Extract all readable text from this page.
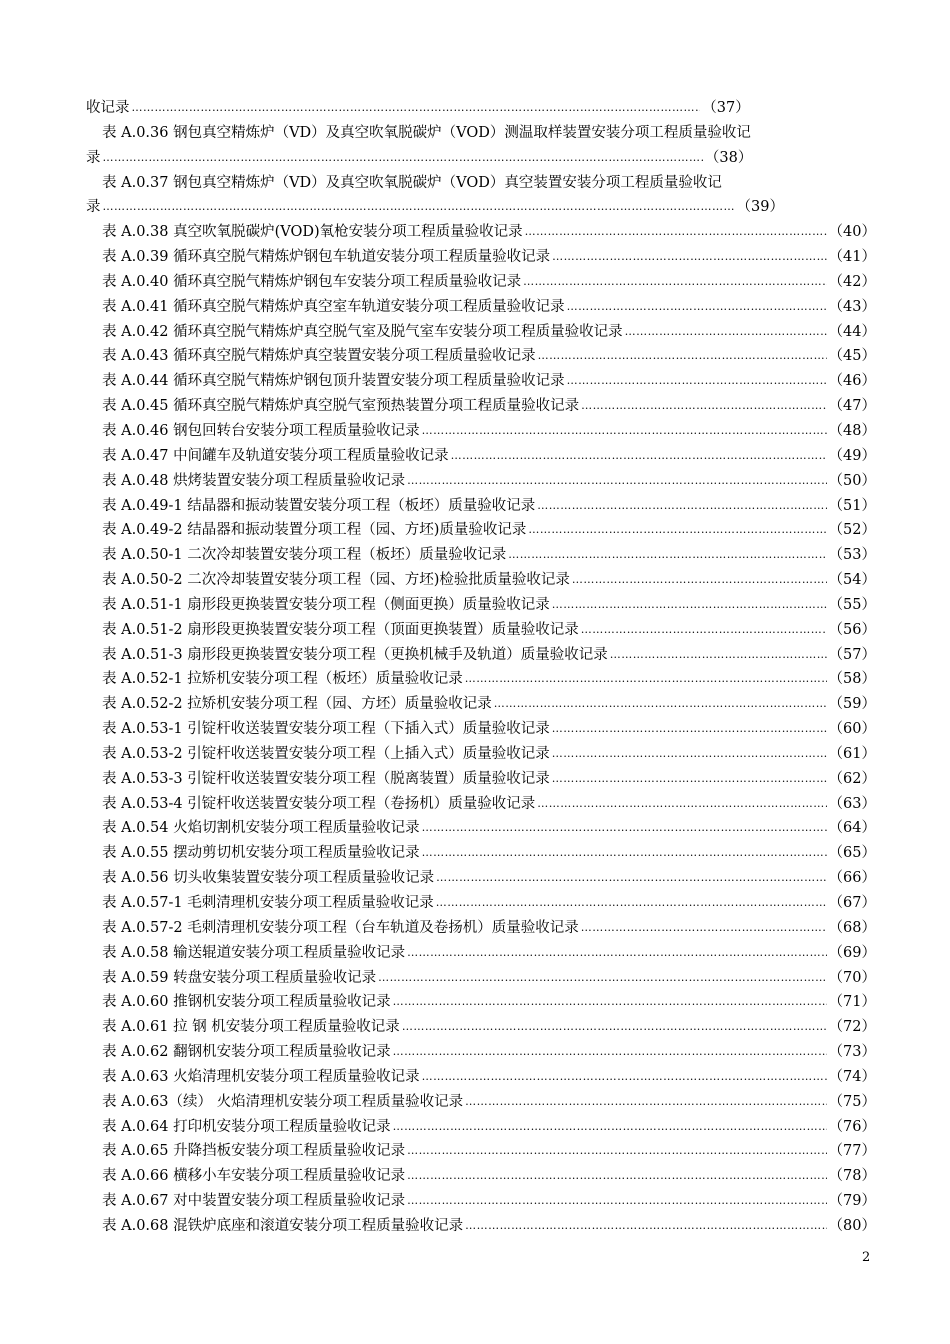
收记录 ……………………………………………………………………………………………………………………………………………………………………………………………………………………………………	（37）
表 A.0.36 钢包真空精炼炉（VD）及真空吹氧脱碳炉（VOD）测温取样装置安装分项工程质量验收记
录 ……………………………………………………………………………………………………………………………………………………………………………………………………………………………………	（38）
表 A.0.37 钢包真空精炼炉（VD）及真空吹氧脱碳炉（VOD）真空装置安装分项工程质量验收记
录 ……………………………………………………………………………………………………………………………………………………………………………………………………………………………………	（39）
表 A.0.38 真空吹氧脱碳炉(VOD)氧枪安装分项工程质量验收记录 ……………………………………………………………………………………………………………………………………………………………………………………………………………………………………	（40）
表 A.0.39 循环真空脱气精炼炉钢包车轨道安装分项工程质量验收记录 ……………………………………………………………………………………………………………………………………………………………………………………………………………………………………	（41）
表 A.0.40 循环真空脱气精炼炉钢包车安装分项工程质量验收记录 ……………………………………………………………………………………………………………………………………………………………………………………………………………………………………	（42）
表 A.0.41 循环真空脱气精炼炉真空室车轨道安装分项工程质量验收记录 ……………………………………………………………………………………………………………………………………………………………………………………………………………………………………	（43）
表 A.0.42 循环真空脱气精炼炉真空脱气室及脱气室车安装分项工程质量验收记录 ……………………………………………………………………………………………………………………………………………………………………………………………………………………………………	（44）
表 A.0.43 循环真空脱气精炼炉真空装置安装分项工程质量验收记录 ……………………………………………………………………………………………………………………………………………………………………………………………………………………………………	（45）
表 A.0.44 循环真空脱气精炼炉钢包顶升装置安装分项工程质量验收记录 ……………………………………………………………………………………………………………………………………………………………………………………………………………………………………	（46）
表 A.0.45 循环真空脱气精炼炉真空脱气室预热装置分项工程质量验收记录 ……………………………………………………………………………………………………………………………………………………………………………………………………………………………………	（47）
表 A.0.46 钢包回转台安装分项工程质量验收记录 ……………………………………………………………………………………………………………………………………………………………………………………………………………………………………	（48）
表 A.0.47 中间罐车及轨道安装分项工程质量验收记录 ……………………………………………………………………………………………………………………………………………………………………………………………………………………………………	（49）
表 A.0.48 烘烤装置安装分项工程质量验收记录 ……………………………………………………………………………………………………………………………………………………………………………………………………………………………………	（50）
表 A.0.49-1 结晶器和振动装置安装分项工程（板坯）质量验收记录 ……………………………………………………………………………………………………………………………………………………………………………………………………………………………………	（51）
表 A.0.49-2 结晶器和振动装置分项工程（园、方坯)质量验收记录 ……………………………………………………………………………………………………………………………………………………………………………………………………………………………………	（52）
表 A.0.50-1 二次冷却装置安装分项工程（板坯）质量验收记录 ……………………………………………………………………………………………………………………………………………………………………………………………………………………………………	（53）
表 A.0.50-2 二次冷却装置安装分项工程（园、方坯)检验批质量验收记录 ……………………………………………………………………………………………………………………………………………………………………………………………………………………………………	（54）
表 A.0.51-1 扇形段更换装置安装分项工程（侧面更换）质量验收记录 ……………………………………………………………………………………………………………………………………………………………………………………………………………………………………	（55）
表 A.0.51-2 扇形段更换装置安装分项工程（顶面更换装置）质量验收记录 ……………………………………………………………………………………………………………………………………………………………………………………………………………………………………	（56）
表 A.0.51-3 扇形段更换装置安装分项工程（更换机械手及轨道）质量验收记录 ……………………………………………………………………………………………………………………………………………………………………………………………………………………………………	（57）
表 A.0.52-1 拉矫机安装分项工程（板坯）质量验收记录 ……………………………………………………………………………………………………………………………………………………………………………………………………………………………………	（58）
表 A.0.52-2 拉矫机安装分项工程（园、方坯）质量验收记录 ……………………………………………………………………………………………………………………………………………………………………………………………………………………………………	（59）
表 A.0.53-1 引锭杆收送装置安装分项工程（下插入式）质量验收记录 ……………………………………………………………………………………………………………………………………………………………………………………………………………………………………	（60）
表 A.0.53-2 引锭杆收送装置安装分项工程（上插入式）质量验收记录 ……………………………………………………………………………………………………………………………………………………………………………………………………………………………………	（61）
表 A.0.53-3 引锭杆收送装置安装分项工程（脱离装置）质量验收记录 ……………………………………………………………………………………………………………………………………………………………………………………………………………………………………	（62）
表 A.0.53-4 引锭杆收送装置安装分项工程（卷扬机）质量验收记录 ……………………………………………………………………………………………………………………………………………………………………………………………………………………………………	（63）
表 A.0.54 火焰切割机安装分项工程质量验收记录 ……………………………………………………………………………………………………………………………………………………………………………………………………………………………………	（64）
表 A.0.55 摆动剪切机安装分项工程质量验收记录 ……………………………………………………………………………………………………………………………………………………………………………………………………………………………………	（65）
表 A.0.56 切头收集装置安装分项工程质量验收记录 ……………………………………………………………………………………………………………………………………………………………………………………………………………………………………	（66）
表 A.0.57-1 毛刺清理机安装分项工程质量验收记录 ……………………………………………………………………………………………………………………………………………………………………………………………………………………………………	（67）
表 A.0.57-2 毛刺清理机安装分项工程（台车轨道及卷扬机）质量验收记录 ……………………………………………………………………………………………………………………………………………………………………………………………………………………………………	（68）
表 A.0.58 输送辊道安装分项工程质量验收记录 ……………………………………………………………………………………………………………………………………………………………………………………………………………………………………	（69）
表 A.0.59 转盘安装分项工程质量验收记录 ……………………………………………………………………………………………………………………………………………………………………………………………………………………………………	（70）
表 A.0.60 推钢机安装分项工程质量验收记录 ……………………………………………………………………………………………………………………………………………………………………………………………………………………………………	（71）
表 A.0.61 拉 钢 机安装分项工程质量验收记录 ……………………………………………………………………………………………………………………………………………………………………………………………………………………………………	（72）
表 A.0.62 翻钢机安装分项工程质量验收记录 ……………………………………………………………………………………………………………………………………………………………………………………………………………………………………	（73）
表 A.0.63 火焰清理机安装分项工程质量验收记录 ……………………………………………………………………………………………………………………………………………………………………………………………………………………………………	（74）
表 A.0.63（续） 火焰清理机安装分项工程质量验收记录 ……………………………………………………………………………………………………………………………………………………………………………………………………………………………………	（75）
表 A.0.64 打印机安装分项工程质量验收记录 ……………………………………………………………………………………………………………………………………………………………………………………………………………………………………	（76）
表 A.0.65 升降挡板安装分项工程质量验收记录 ……………………………………………………………………………………………………………………………………………………………………………………………………………………………………	（77）
表 A.0.66 横移小车安装分项工程质量验收记录 ……………………………………………………………………………………………………………………………………………………………………………………………………………………………………	（78）
表 A.0.67 对中装置安装分项工程质量验收记录 ……………………………………………………………………………………………………………………………………………………………………………………………………………………………………	（79）
表 A.0.68 混铁炉底座和滚道安装分项工程质量验收记录 ……………………………………………………………………………………………………………………………………………………………………………………………………………………………………	（80）
2
